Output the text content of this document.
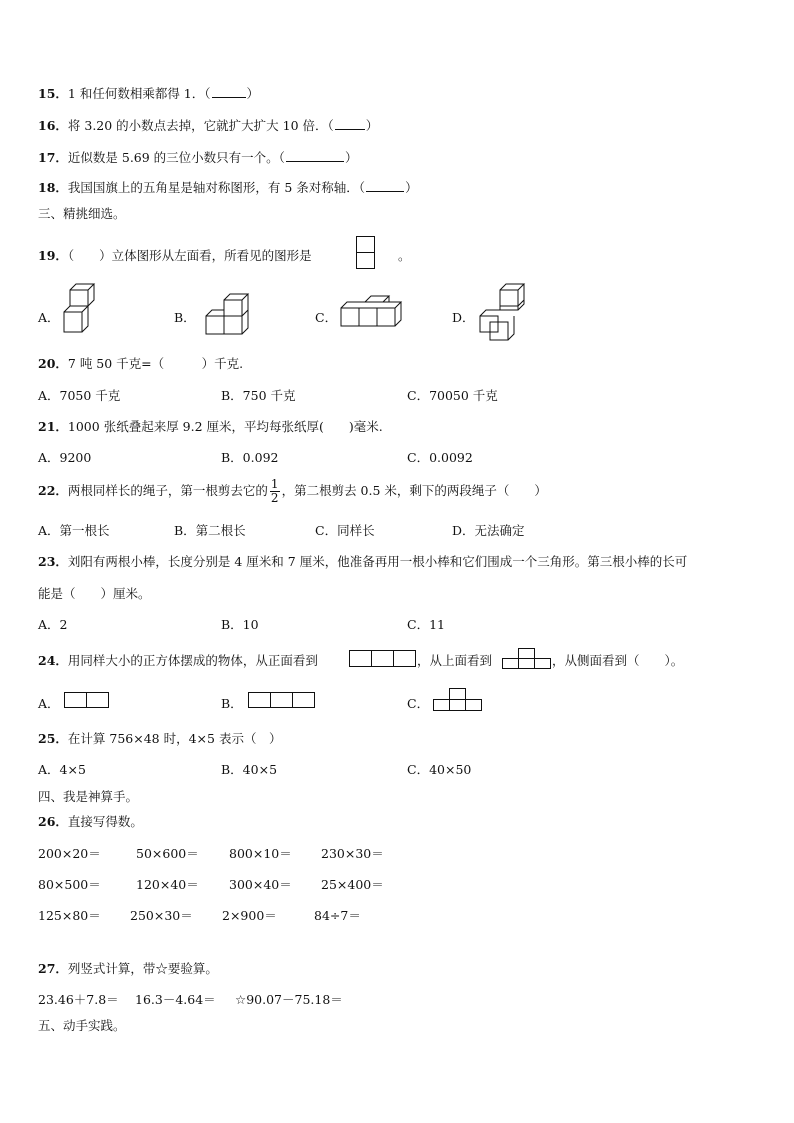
15．1 和任何数相乘都得 1．（	）
16．将 3.20 的小数点去掉，它就扩大扩大 10 倍．（	）
17．近似数是 5.69 的三位小数只有一个。（	）
18．我国国旗上的五角星是轴对称图形，有 5 条对称轴．（	）
三、精挑细选。
19．（　　）立体图形从左面看，所看见的图形是	。
A．	B．	C．	D．
20．7 吨 50 千克=（　　　）千克.
A．7050 千克	B．750 千克	C．70050 千克
21．1000 张纸叠起来厚 9.2 厘米，平均每张纸厚(　　)毫米.
A．9200	B．0.092	C．0.0092
22．两根同样长的绳子，第一根剪去它的 $\frac{1}{2}$ ，第二根剪去 0.5 米，剩下的两段绳子（　　）
A．第一根长	B．第二根长	C．同样长	D．无法确定
23．刘阳有两根小棒，长度分别是 4 厘米和 7 厘米，他准备再用一根小棒和它们围成一个三角形。第三根小棒的长可
能是（　　）厘米。
A．2	B．10	C．11
24．用同样大小的正方体摆成的物体，从正面看到	，从上面看到	，从侧面看到（　　）。
A．	B．	C．
25．在计算 756×48 时，4×5 表示（　）
A．4×5	B．40×5	C．40×50
四、我是神算手。
26．直接写得数。
200×20＝	50×600＝ 800×10＝ 230×30＝
80×500＝	120×40＝ 300×40＝ 25×400＝
125×80＝ 250×30＝ 2×900＝	84÷7＝
27．列竖式计算，带☆要验算。
23.46＋7.8＝ 16.3－4.64＝ ☆90.07－75.18＝
五、动手实践。
